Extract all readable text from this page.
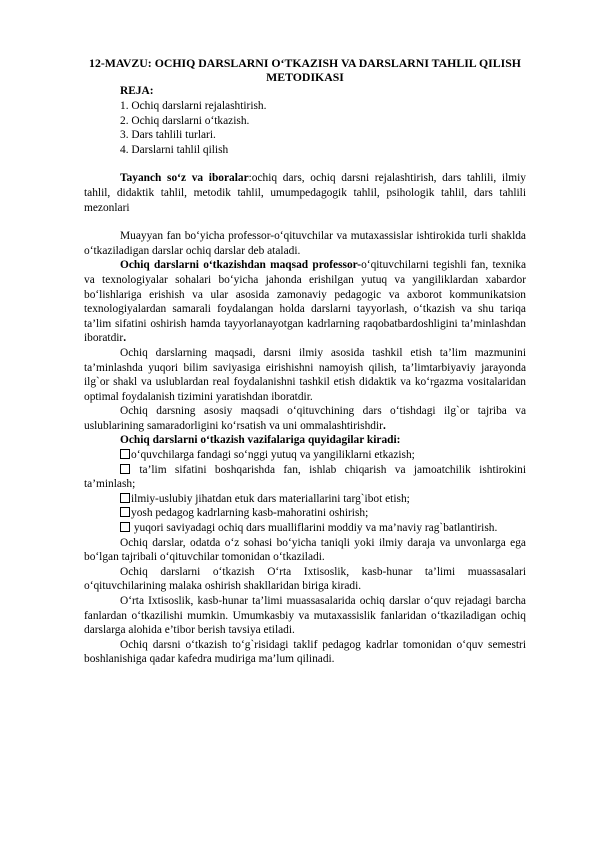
12-MAVZU: OCHIQ DARSLARNI O‘TKAZISH VA DARSLARNI TAHLIL QILISH METODIKASI
REJA:
1. Ochiq darslarni rejalashtirish.
2. Ochiq darslarni o‘tkazish.
3. Dars tahlili turlari.
4. Darslarni tahlil qilish

Tayanch so‘z va iboralar:ochiq dars, ochiq darsni rejalashtirish, dars tahlili, ilmiy tahlil, didaktik tahlil, metodik tahlil, umumpedagogik tahlil, psihologik tahlil, dars tahlili mezonlari

Muayyan fan bo‘yicha professor-o‘qituvchilar va mutaxassislar ishtirokida turli shaklda o‘tkaziladigan darslar ochiq darslar deb ataladi.

Ochiq darslarni o‘tkazishdan maqsad professor-o‘qituvchilarni tegishli fan, texnika va texnologiyalar sohalari bo‘yicha jahonda erishilgan yutuq va yangiliklardan xabardor bo‘lishlariga erishish va ular asosida zamonaviy pedagogic va axborot kommunikatsion texnologiyalardan samarali foydalangan holda darslarni tayyorlash, o‘tkazish va shu tariqa ta’lim sifatini oshirish hamda tayyorlanayotgan kadrlarning raqobatbardoshligini ta’minlashdan iboratdir.

Ochiq darslarning maqsadi, darsni ilmiy asosida tashkil etish ta’lim mazmunini ta’minlashda yuqori bilim saviyasiga eirishishni namoyish qilish, ta’limtarbiyaviy jarayonda ilg`or shakl va uslublardan real foydalanishni tashkil etish didaktik va ko‘rgazma vositalaridan optimal foydalanish tizimini yaratishdan iboratdir.

Ochiq darsning asosiy maqsadi o‘qituvchining dars o‘tishdagi ilg`or tajriba va uslublarining samaradorligini ko‘rsatish va uni ommalashtirishdir.

Ochiq darslarni o‘tkazish vazifalariga quyidagilar kiradi:

o‘quvchilarga fandagi so‘nggi yutuq va yangiliklarni etkazish;

ta’lim sifatini boshqarishda fan, ishlab chiqarish va jamoatchilik ishtirokini ta’minlash;

ilmiy-uslubiy jihatdan etuk dars materiallarini targ`ibot etish;

yosh pedagog kadrlarning kasb-mahoratini oshirish;

yuqori saviyadagi ochiq dars mualliflarini moddiy va ma’naviy rag`batlantirish.

Ochiq darslar, odatda o‘z sohasi bo‘yicha taniqli yoki ilmiy daraja va unvonlarga ega bo‘lgan tajribali o‘qituvchilar tomonidan o‘tkaziladi.

Ochiq darslarni o‘tkazish O‘rta Ixtisoslik, kasb-hunar ta’limi muassasalari o‘qituvchilarining malaka oshirish shakllaridan biriga kiradi.

O‘rta Ixtisoslik, kasb-hunar ta’limi muassasalarida ochiq darslar o‘quv rejadagi barcha fanlardan o‘tkazilishi mumkin. Umumkasbiy va mutaxassislik fanlaridan o‘tkaziladigan ochiq darslarga alohida e’tibor berish tavsiya etiladi.

Ochiq darsni o‘tkazish to‘g`risidagi taklif pedagog kadrlar tomonidan o‘quv semestri boshlanishiga qadar kafedra mudiriga ma’lum qilinadi.
